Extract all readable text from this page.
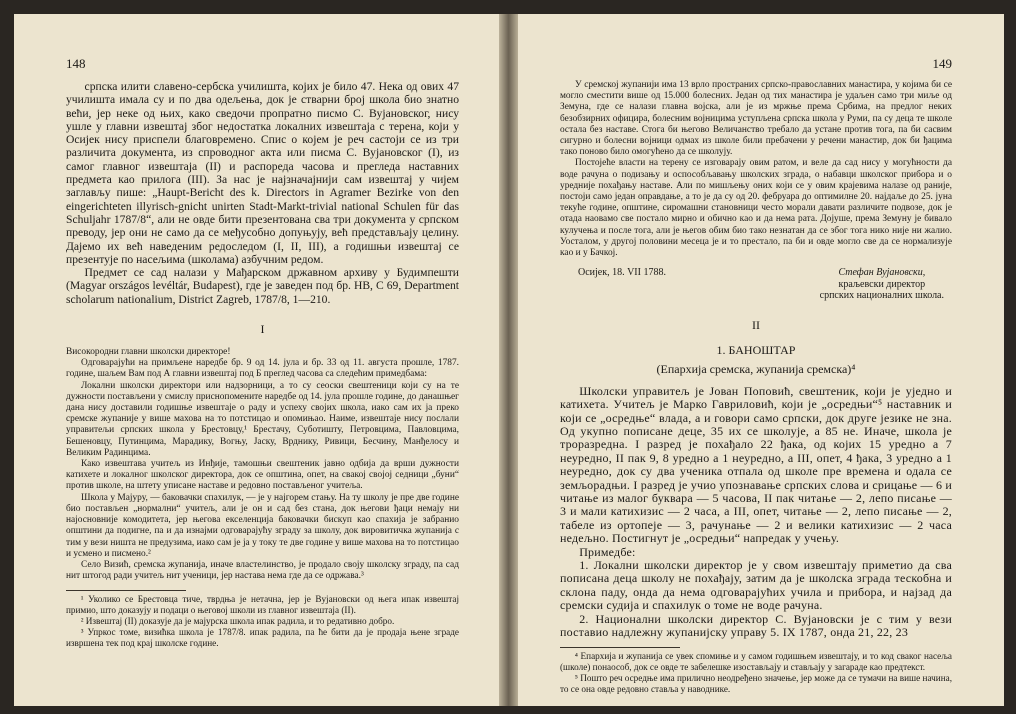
148

српска илити славено-сербска училишта, којих је било 47. Нека од ових 47 училишта имала су и по два одељења, док је стварни број школа био знатно већи, јер неке од њих, како сведочи пропратно писмо С. Вујановског, нису ушле у главни извештај због недостатка локалних извештаја с терена, који у Осијек нису приспели благовремено. Спис о којем је реч састоји се из три различита документа, из спроводног акта или писма С. Вујановског (I), из самог главног извештаја (II) и распореда часова и прегледа наставних предмета као прилога (III). За нас је најзначајнији сам извештај у чијем заглављу пише: „Haupt-Bericht des k. Directors in Agramer Bezirke von den eingerichteten illyrisch-gnicht unirten Stadt-Markt-trivial national Schulen für das Schuljahr 1787/8“, али не овде бити презентована сва три документа у српском преводу, јер они не само да се међусобно допуњују, већ представљају целину. Дајемо их већ наведеним редоследом (I, II, III), а годишњи извештај се презентује по насељима (школама) азбучним редом.

Предмет се сад налази у Мађарском државном архиву у Будимпешти (Magyar országos levéltár, Budapest), где је заведен под бр. НВ, С 69, Department scholarum nationalium, District Zagreb, 1787/8, 1—210.

I

Високородни главни школски директоре!

Одговарајући на примљене наредбе бр. 9 од 14. јула и бр. 33 од 11. августа прошле, 1787. године, шаљем Вам под А главни извештај под Б преглед часова са следећим примедбама:

Локални школски директори или надзорници, а то су сеоски свештеници који су на те дужности постављени у смислу приснопомените наредбе од 14. јула прошле године, до данашњег дана нису доставили годишње извештаје о раду и успеху својих школа, иако сам их ја преко сремске жупаније у више махова на то потстицао и опомињао. Наиме, извештаје нису послали управитељи српских школа у Брестовцу,¹ Брестачу, Суботишту, Петровцима, Павловцима, Бешеновцу, Путинцима, Марадику, Вогњу, Јаску, Врднику, Ривици, Бесчину, Манђелосу и Великим Радинцима.

Како извештава учитељ из Инђије, тамошњи свештеник јавно одбија да врши дужности катихете и локалног школског директора, док се општина, опет, на свакој својој седници „буни“ против школе, на штету уписане наставе и редовно постављеног учитеља.

Школа у Мајуру, — баковачки спахилук, — је у најгорем стању. На ту школу је пре две године био постављен „нормални“ учитељ, али је он и сад без стана, док његови ђаци немају ни најосновније комодитета, јер његова екселенција баковачки бискуп као спахија је забранио општини да подигне, па и да изнајми одговарајућу зграду за школу, док вировитичка жупанија с тим у вези ништа не предузима, иако сам је ја у току те две године у више махова на то потстицао и усмено и писмено.²

Село Визић, сремска жупанија, иначе властелинство, је продало своју школску зграду, па сад нит штогод ради учитељ нит ученици, јер настава нема где да се одржава.³

¹ Уколико се Брестовца тиче, тврдња је нетачна, јер је Вујановски од њега ипак извештај примио, што доказују и подаци о његовој школи из главног извештаја (II).

² Извештај (II) доказује да је мајурска школа ипак радила, и то редативно добро.

³ Упркос томе, визићка школа је 1787/8. ипак радила, па ће бити да је продаја њене зграде извршена тек под крај школске године.

149

У сремској жупанији има 13 врло пространих српско-православних манастира, у којима би се могло сместити више од 15.000 болесних. Један од тих манастира је удаљен само три миље од Земуна, где се налази главна војска, али је из мржње према Србима, на предлог неких безобзирних официра, болесним војницима уступљена српска школа у Руми, па су деца те школе остала без наставе. Стога би његово Величанство требало да устане против тога, па би сасвим сигурно и болесни војници одмах из школе били пребачени у речени манастир, док би ђацима тако поново било омогућено да се школују.

Постојеће власти на терену се изговарају овим ратом, и веле да сад нису у могућности да воде рачуна о подизању и оспособљавању школских зграда, о набавци школског прибора и о уредније похађању наставе. Али по мишљењу оних који се у овим крајевима налазе од раније, постоји само један оправдање, а то је да су од 20. фебруара до оптимилне 20. најдаље до 25. јуна текуће године, општине, сиромашни становници често морали давати различите подвозе, док је отада наовамо све постало мирно и обично као и да нема рата. Дојуше, према Земуну је бивало кулучења и после тога, али је његов обим био тако незнатан да се због тога никo није ни жалио. Уосталом, у другој половини месеца је и то престало, па би и овде могло све да се нормализује као и у Бачкој.

Осијек, 18. VII 1788.	Стефан Вујановски,
краљевски директор
српских националних школа.
II
1. БАНОШТАР
(Епархија сремска, жупанија сремска)⁴

Школски управитељ је Јован Поповић, свештеник, који је уједно и катихета. Учитељ је Марко Гавриловић, који је „осредњи“⁵ наставник и који се „осредње“ влада, а и говори само српски, док друге језике не зна. Од укупно пописане деце, 35 их се школује, а 85 не. Иначе, школа је троразредна. I разред је похађало 22 ђака, од којих 15 уредно а 7 неуредно, II пак 9, 8 уредно а 1 неуредно, а III, опет, 4 ђака, 3 уредно а 1 неуредно, док су два ученика отпала од школе пре времена и одала се земљорадњи. I разред је учио упознавање српских слова и срицање — 6 и читање из малог буквара — 5 часова, II пак читање — 2, лепо писање — 3 и мали катихизис — 2 часа, а III, опет, читање — 2, лепо писање — 2, табеле из ортопеје — 3, рачунање — 2 и велики катихизис — 2 часа недељно. Постигнут је „осредњи“ напредак у учењу.

Примедбе:

1. Локални школски директор је у свом извештају приметио да сва пописана деца школу не похађају, затим да је школска зграда тескобна и склона паду, онда да нема одговарајућих учила и прибора, и најзад да сремски судија и спахилук о томе не воде рачуна.

2. Национални школски директор С. Вујановски је с тим у вези поставио надлежну жупанијску управу 5. IX 1787, онда 21, 22, 23

⁴ Епархија и жупанија се увек спомиње и у самом годишњем извештају, и то код сваког насеља (школе) понаособ, док се овде те забелешке изостављају и стављају у загараде као предтекст.

⁵ Пошто реч осредње има прилично неодређено значење, јер може да се тумачи на више начина, то се она овде редовно ставља у наводнике.
